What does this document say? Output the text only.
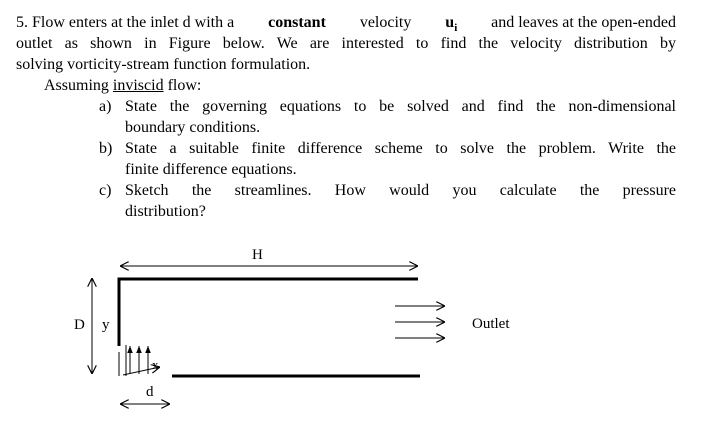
5. Flow enters at the inlet d with a constant velocity $u_i$ and leaves at the open-ended
outlet as shown in Figure below. We are interested to find the velocity distribution by
solving vorticity-stream function formulation.
Assuming inviscid flow:
a) State the governing equations to be solved and find the non-dimensional
boundary conditions.
b) State a suitable finite difference scheme to solve the problem. Write the
finite difference equations.
c) Sketch the streamlines. How would you calculate the pressure
distribution?
H
D y
x
d
Outlet
